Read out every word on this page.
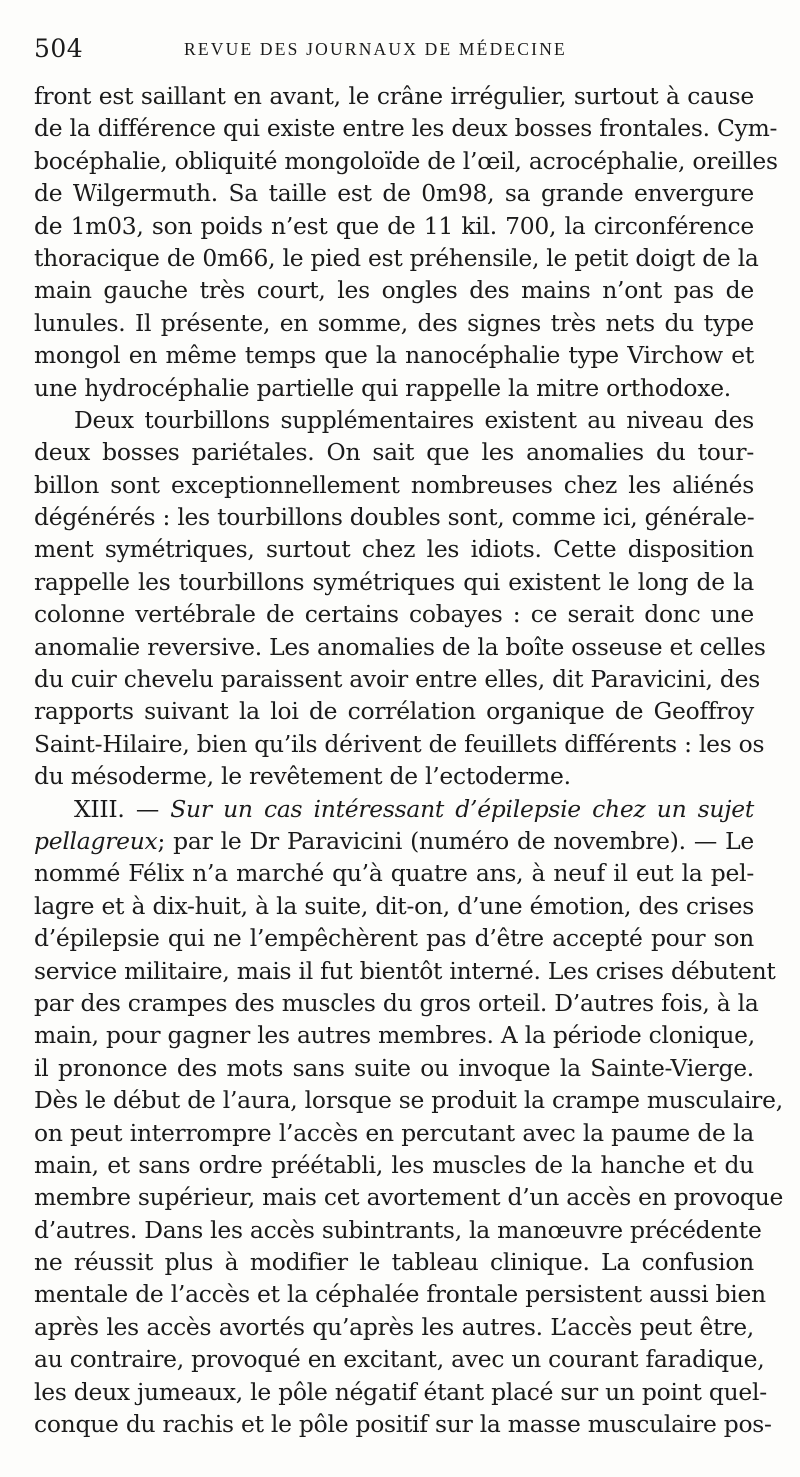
504	REVUE DES JOURNAUX DE MÉDECINE
front est saillant en avant, le crâne irrégulier, surtout à cause
de la différence qui existe entre les deux bosses frontales. Cym-
bocéphalie, obliquité mongoloïde de l’œil, acrocéphalie, oreilles
de Wilgermuth. Sa taille est de 0m98, sa grande envergure
de 1m03, son poids n’est que de 11 kil. 700, la circonférence
thoracique de 0m66, le pied est préhensile, le petit doigt de la
main gauche très court, les ongles des mains n’ont pas de
lunules. Il présente, en somme, des signes très nets du type
mongol en même temps que la nanocéphalie type Virchow et
une hydrocéphalie partielle qui rappelle la mitre orthodoxe.
Deux tourbillons supplémentaires existent au niveau des
deux bosses pariétales. On sait que les anomalies du tour-
billon sont exceptionnellement nombreuses chez les aliénés
dégénérés : les tourbillons doubles sont, comme ici, générale-
ment symétriques, surtout chez les idiots. Cette disposition
rappelle les tourbillons symétriques qui existent le long de la
colonne vertébrale de certains cobayes : ce serait donc une
anomalie reversive. Les anomalies de la boîte osseuse et celles
du cuir chevelu paraissent avoir entre elles, dit Paravicini, des
rapports suivant la loi de corrélation organique de Geoffroy
Saint-Hilaire, bien qu’ils dérivent de feuillets différents : les os
du mésoderme, le revêtement de l’ectoderme.
XIII. — Sur un cas intéressant d’épilepsie chez un sujet
pellagreux; par le Dr Paravicini (numéro de novembre). — Le
nommé Félix n’a marché qu’à quatre ans, à neuf il eut la pel-
lagre et à dix-huit, à la suite, dit-on, d’une émotion, des crises
d’épilepsie qui ne l’empêchèrent pas d’être accepté pour son
service militaire, mais il fut bientôt interné. Les crises débutent
par des crampes des muscles du gros orteil. D’autres fois, à la
main, pour gagner les autres membres. A la période clonique,
il prononce des mots sans suite ou invoque la Sainte-Vierge.
Dès le début de l’aura, lorsque se produit la crampe musculaire,
on peut interrompre l’accès en percutant avec la paume de la
main, et sans ordre préétabli, les muscles de la hanche et du
membre supérieur, mais cet avortement d’un accès en provoque
d’autres. Dans les accès subintrants, la manœuvre précédente
ne réussit plus à modifier le tableau clinique. La confusion
mentale de l’accès et la céphalée frontale persistent aussi bien
après les accès avortés qu’après les autres. L’accès peut être,
au contraire, provoqué en excitant, avec un courant faradique,
les deux jumeaux, le pôle négatif étant placé sur un point quel-
conque du rachis et le pôle positif sur la masse musculaire pos-
